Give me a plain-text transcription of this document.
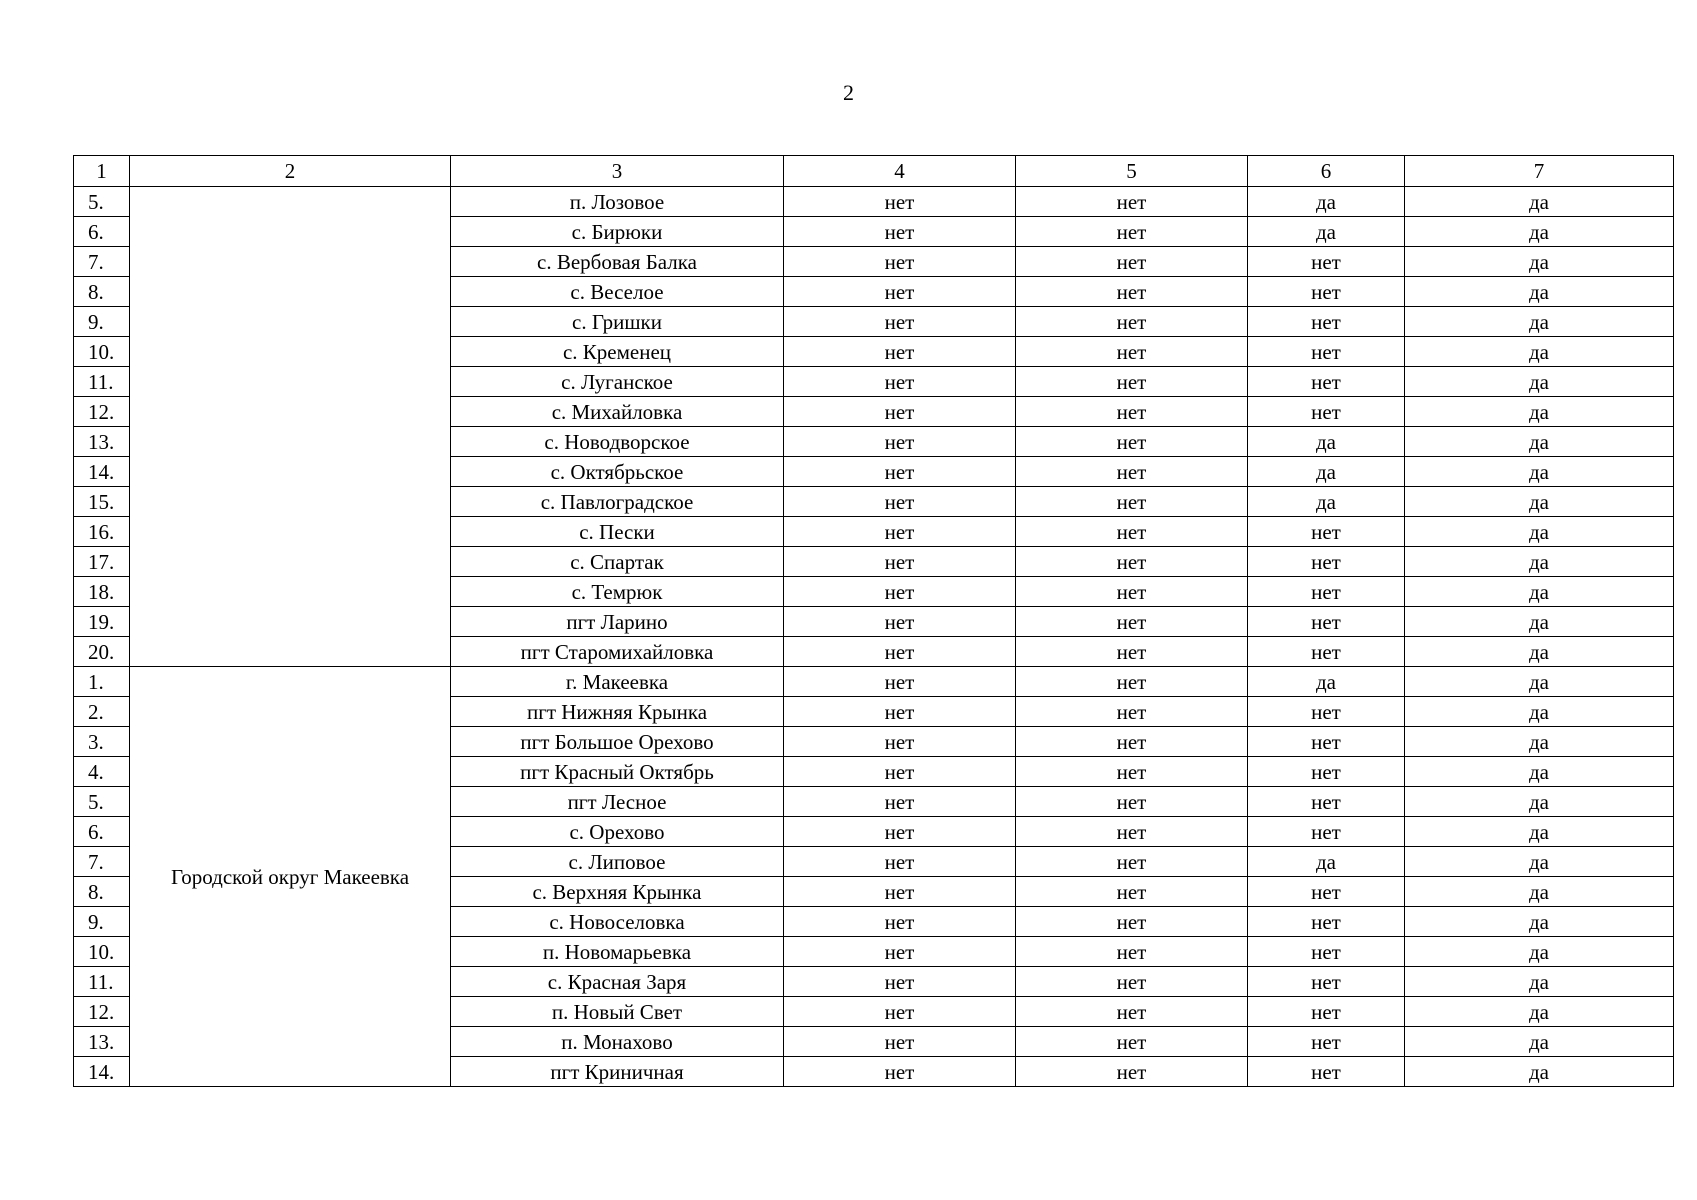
2
1	2	3	4	5	6	7
5.		п. Лозовое	нет	нет	да	да
6.		с. Бирюки	нет	нет	да	да
7.		с. Вербовая Балка	нет	нет	нет	да
8.		с. Веселое	нет	нет	нет	да
9.		с. Гришки	нет	нет	нет	да
10.		с. Кременец	нет	нет	нет	да
11.		с. Луганское	нет	нет	нет	да
12.		с. Михайловка	нет	нет	нет	да
13.		с. Новодворское	нет	нет	да	да
14.		с. Октябрьское	нет	нет	да	да
15.		с. Павлоградское	нет	нет	да	да
16.		с. Пески	нет	нет	нет	да
17.		с. Спартак	нет	нет	нет	да
18.		с. Темрюк	нет	нет	нет	да
19.		пгт Ларино	нет	нет	нет	да
20.		пгт Старомихайловка	нет	нет	нет	да
1.	Городской округ Макеевка	г. Макеевка	нет	нет	да	да
2.		пгт Нижняя Крынка	нет	нет	нет	да
3.		пгт Большое Орехово	нет	нет	нет	да
4.		пгт Красный Октябрь	нет	нет	нет	да
5.		пгт Лесное	нет	нет	нет	да
6.		с. Орехово	нет	нет	нет	да
7.		с. Липовое	нет	нет	да	да
8.		с. Верхняя Крынка	нет	нет	нет	да
9.		с. Новоселовка	нет	нет	нет	да
10.		п. Новомарьевка	нет	нет	нет	да
11.		с. Красная Заря	нет	нет	нет	да
12.		п. Новый Свет	нет	нет	нет	да
13.		п. Монахово	нет	нет	нет	да
14.		пгт Криничная	нет	нет	нет	да
